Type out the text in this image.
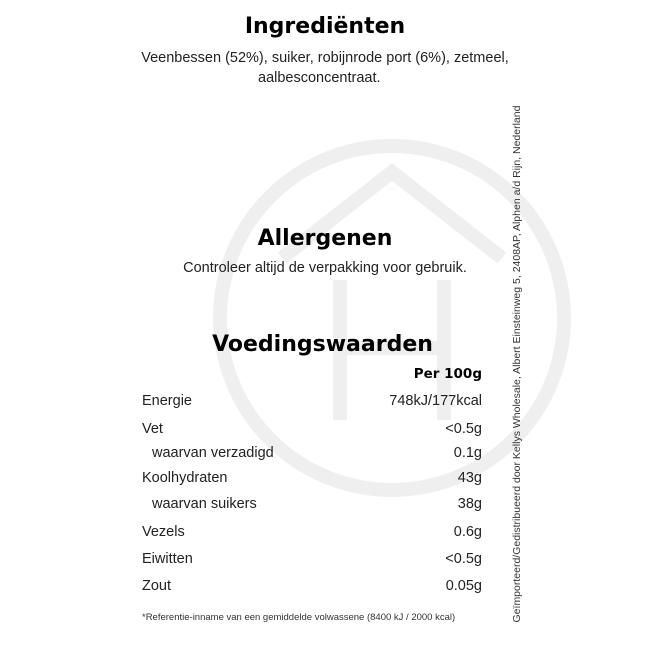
Ingrediënten
Veenbessen (52%), suiker, robijnrode port (6%), zetmeel,
aalbesconcentraat.
Allergenen
Controleer altijd de verpakking voor gebruik.
Voedingswaarden
Per 100g
Energie	748kJ/177kcal
Vet	<0.5g
waarvan verzadigd	0.1g
Koolhydraten	43g
waarvan suikers	38g
Vezels	0.6g
Eiwitten	<0.5g
Zout	0.05g
*Referentie-inname van een gemiddelde volwassene (8400 kJ / 2000 kcal)	Geïmporteerd/Gedistribueerd door Kellys Wholesale, Albert Einsteinweg 5, 2408AP, Alphen a/d Rijn, Nederland
